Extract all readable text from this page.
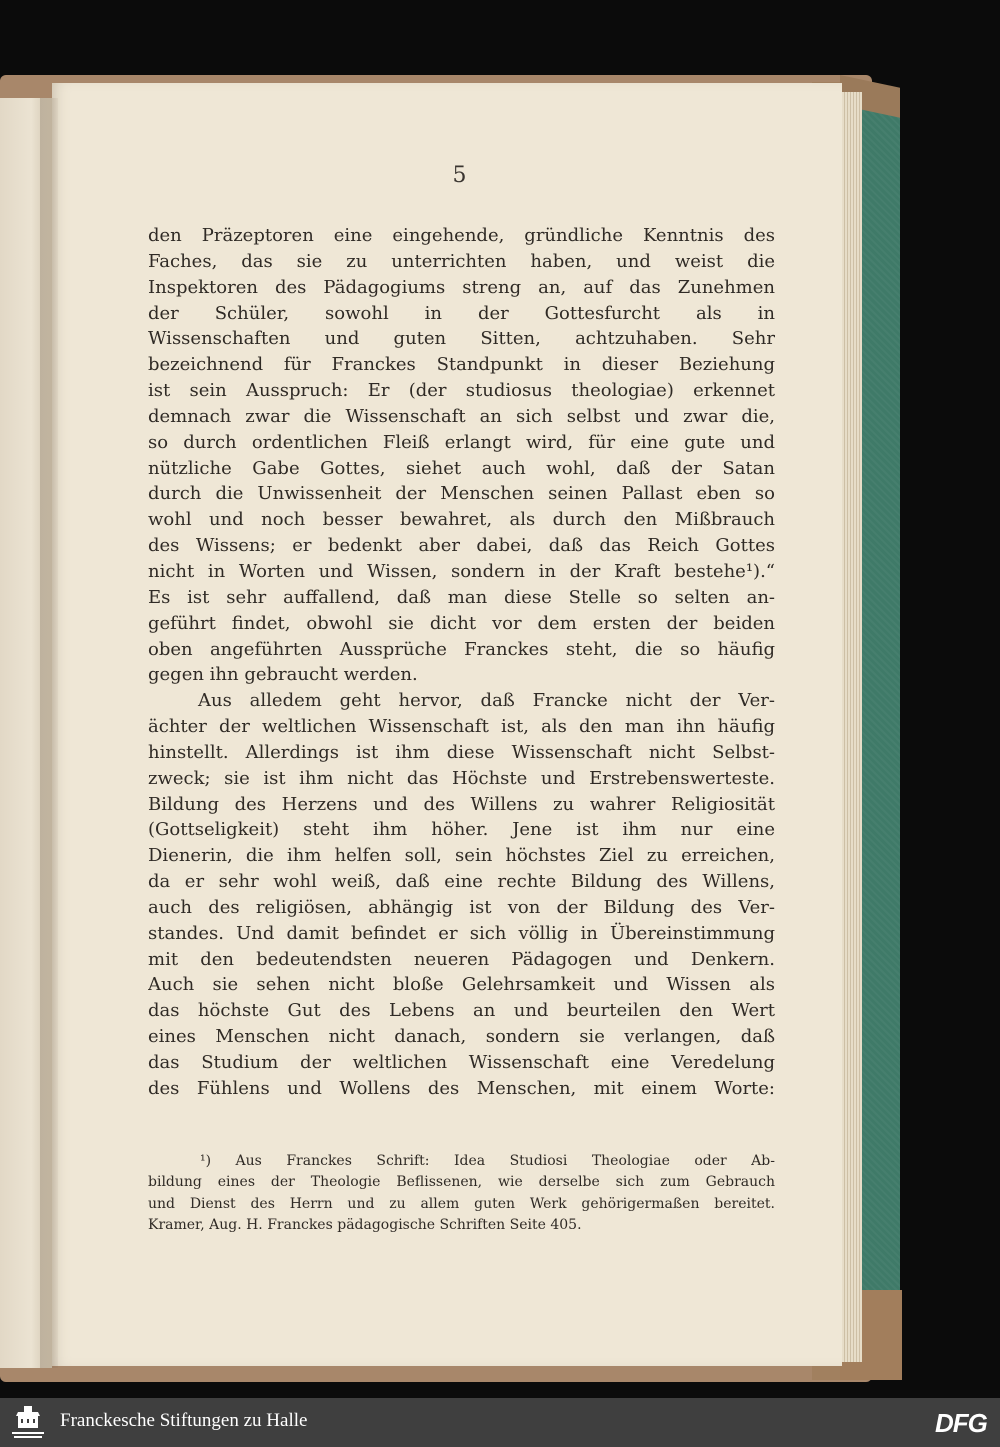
5
den Präzeptoren eine eingehende, gründliche Kenntnis des
Faches, das sie zu unterrichten haben, und weist die
Inspektoren des Pädagogiums streng an, auf das Zunehmen
der Schüler, sowohl in der Gottesfurcht als in
Wissenschaften und guten Sitten, achtzuhaben. Sehr
bezeichnend für Franckes Standpunkt in dieser Beziehung
ist sein Ausspruch: Er (der studiosus theologiae) erkennet
demnach zwar die Wissenschaft an sich selbst und zwar die,
so durch ordentlichen Fleiß erlangt wird, für eine gute und
nützliche Gabe Gottes, siehet auch wohl, daß der Satan
durch die Unwissenheit der Menschen seinen Pallast eben so
wohl und noch besser bewahret, als durch den Mißbrauch
des Wissens; er bedenkt aber dabei, daß das Reich Gottes
nicht in Worten und Wissen, sondern in der Kraft bestehe¹).“
Es ist sehr auffallend, daß man diese Stelle so selten an-
geführt findet, obwohl sie dicht vor dem ersten der beiden
oben angeführten Aussprüche Franckes steht, die so häufig
gegen ihn gebraucht werden.
Aus alledem geht hervor, daß Francke nicht der Ver-
ächter der weltlichen Wissenschaft ist, als den man ihn häufig
hinstellt. Allerdings ist ihm diese Wissenschaft nicht Selbst-
zweck; sie ist ihm nicht das Höchste und Erstrebenswerteste.
Bildung des Herzens und des Willens zu wahrer Religiosität
(Gottseligkeit) steht ihm höher. Jene ist ihm nur eine
Dienerin, die ihm helfen soll, sein höchstes Ziel zu erreichen,
da er sehr wohl weiß, daß eine rechte Bildung des Willens,
auch des religiösen, abhängig ist von der Bildung des Ver-
standes. Und damit befindet er sich völlig in Übereinstimmung
mit den bedeutendsten neueren Pädagogen und Denkern.
Auch sie sehen nicht bloße Gelehrsamkeit und Wissen als
das höchste Gut des Lebens an und beurteilen den Wert
eines Menschen nicht danach, sondern sie verlangen, daß
das Studium der weltlichen Wissenschaft eine Veredelung
des Fühlens und Wollens des Menschen, mit einem Worte:
¹) Aus Franckes Schrift: Idea Studiosi Theologiae oder Ab-
bildung eines der Theologie Beflissenen, wie derselbe sich zum Gebrauch
und Dienst des Herrn und zu allem guten Werk gehörigermaßen bereitet.
Kramer, Aug. H. Franckes pädagogische Schriften Seite 405.
Franckesche Stiftungen zu Halle	DFG
